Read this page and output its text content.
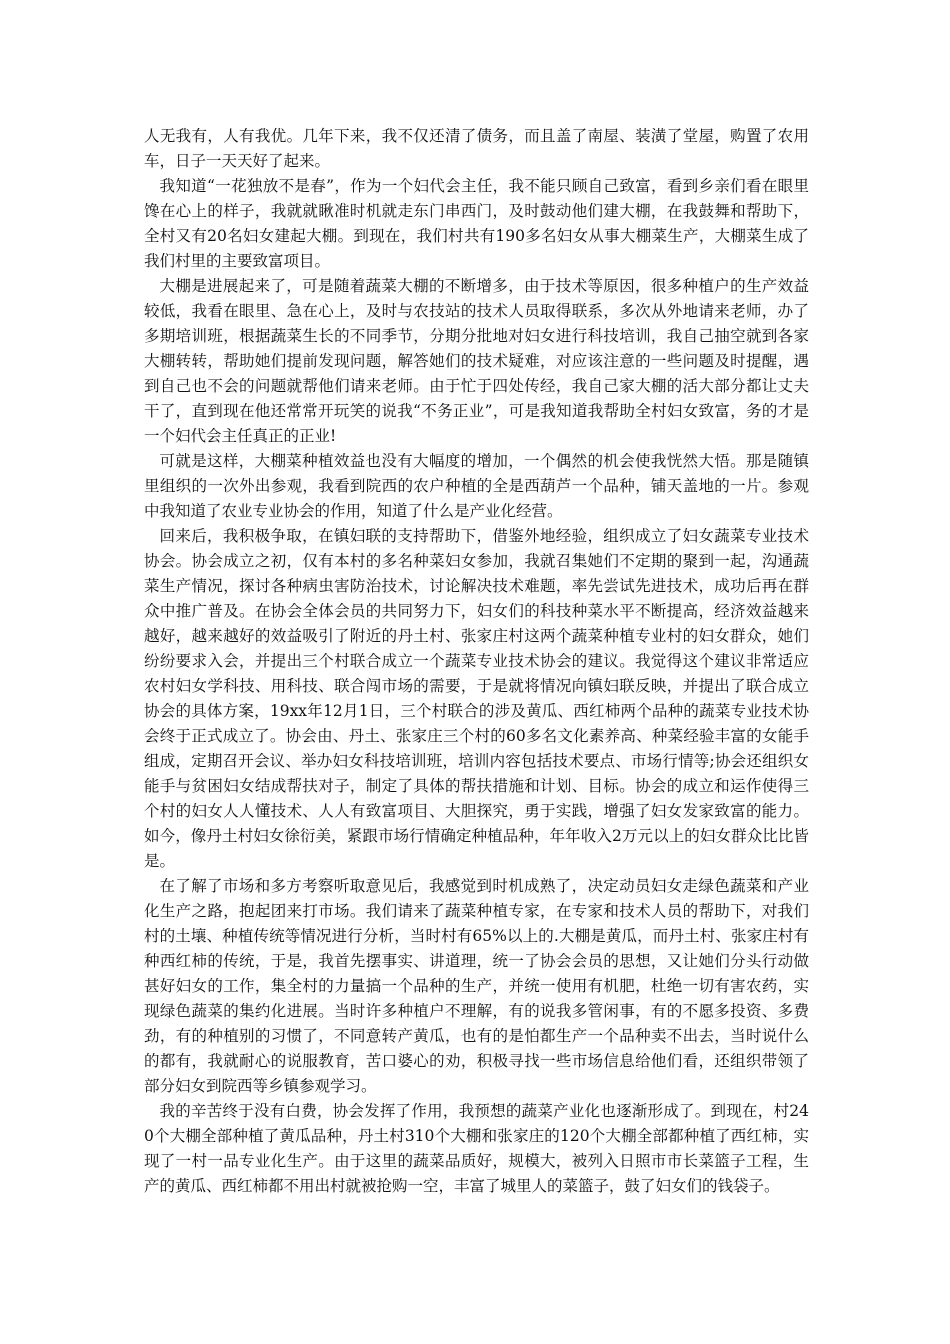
人无我有，人有我优。几年下来，我不仅还清了债务，而且盖了南屋、装潢了堂屋，购置了农用车，日子一天天好了起来。

我知道“一花独放不是春”，作为一个妇代会主任，我不能只顾自己致富，看到乡亲们看在眼里馋在心上的样子，我就就瞅准时机就走东门串西门，及时鼓动他们建大棚，在我鼓舞和帮助下，全村又有20名妇女建起大棚。到现在，我们村共有190多名妇女从事大棚菜生产，大棚菜生成了我们村里的主要致富项目。

大棚是进展起来了，可是随着蔬菜大棚的不断增多，由于技术等原因，很多种植户的生产效益较低，我看在眼里、急在心上，及时与农技站的技术人员取得联系，多次从外地请来老师，办了多期培训班，根据蔬菜生长的不同季节，分期分批地对妇女进行科技培训，我自己抽空就到各家大棚转转，帮助她们提前发现问题，解答她们的技术疑难，对应该注意的一些问题及时提醒，遇到自己也不会的问题就帮他们请来老师。由于忙于四处传经，我自己家大棚的活大部分都让丈夫干了，直到现在他还常常开玩笑的说我“不务正业”，可是我知道我帮助全村妇女致富，务的才是一个妇代会主任真正的正业!

可就是这样，大棚菜种植效益也没有大幅度的增加，一个偶然的机会使我恍然大悟。那是随镇里组织的一次外出参观，我看到院西的农户种植的全是西葫芦一个品种，铺天盖地的一片。参观中我知道了农业专业协会的作用，知道了什么是产业化经营。

回来后，我积极争取，在镇妇联的支持帮助下，借鉴外地经验，组织成立了妇女蔬菜专业技术协会。协会成立之初，仅有本村的多名种菜妇女参加，我就召集她们不定期的聚到一起，沟通蔬菜生产情况，探讨各种病虫害防治技术，讨论解决技术难题，率先尝试先进技术，成功后再在群众中推广普及。在协会全体会员的共同努力下，妇女们的科技种菜水平不断提高，经济效益越来越好，越来越好的效益吸引了附近的丹土村、张家庄村这两个蔬菜种植专业村的妇女群众，她们纷纷要求入会，并提出三个村联合成立一个蔬菜专业技术协会的建议。我觉得这个建议非常适应农村妇女学科技、用科技、联合闯市场的需要，于是就将情况向镇妇联反映，并提出了联合成立协会的具体方案，19xx年12月1日，三个村联合的涉及黄瓜、西红柿两个品种的蔬菜专业技术协会终于正式成立了。协会由、丹土、张家庄三个村的60多名文化素养高、种菜经验丰富的女能手组成，定期召开会议、举办妇女科技培训班，培训内容包括技术要点、市场行情等;协会还组织女能手与贫困妇女结成帮扶对子，制定了具体的帮扶措施和计划、目标。协会的成立和运作使得三个村的妇女人人懂技术、人人有致富项目、大胆探究，勇于实践，增强了妇女发家致富的能力。如今，像丹土村妇女徐衍美，紧跟市场行情确定种植品种，年年收入2万元以上的妇女群众比比皆是。

在了解了市场和多方考察听取意见后，我感觉到时机成熟了，决定动员妇女走绿色蔬菜和产业化生产之路，抱起团来打市场。我们请来了蔬菜种植专家，在专家和技术人员的帮助下，对我们村的土壤、种植传统等情况进行分析，当时村有65%以上的.大棚是黄瓜，而丹土村、张家庄村有种西红柿的传统，于是，我首先摆事实、讲道理，统一了协会会员的思想，又让她们分头行动做甚好妇女的工作，集全村的力量搞一个品种的生产，并统一使用有机肥，杜绝一切有害农药，实现绿色蔬菜的集约化进展。当时许多种植户不理解，有的说我多管闲事，有的不愿多投资、多费劲，有的种植别的习惯了，不同意转产黄瓜，也有的是怕都生产一个品种卖不出去，当时说什么的都有，我就耐心的说服教育，苦口婆心的劝，积极寻找一些市场信息给他们看，还组织带领了部分妇女到院西等乡镇参观学习。

我的辛苦终于没有白费，协会发挥了作用，我预想的蔬菜产业化也逐渐形成了。到现在，村240个大棚全部种植了黄瓜品种，丹土村310个大棚和张家庄的120个大棚全部都种植了西红柿，实现了一村一品专业化生产。由于这里的蔬菜品质好，规模大，被列入日照市市长菜篮子工程，生产的黄瓜、西红柿都不用出村就被抢购一空，丰富了城里人的菜篮子，鼓了妇女们的钱袋子。
